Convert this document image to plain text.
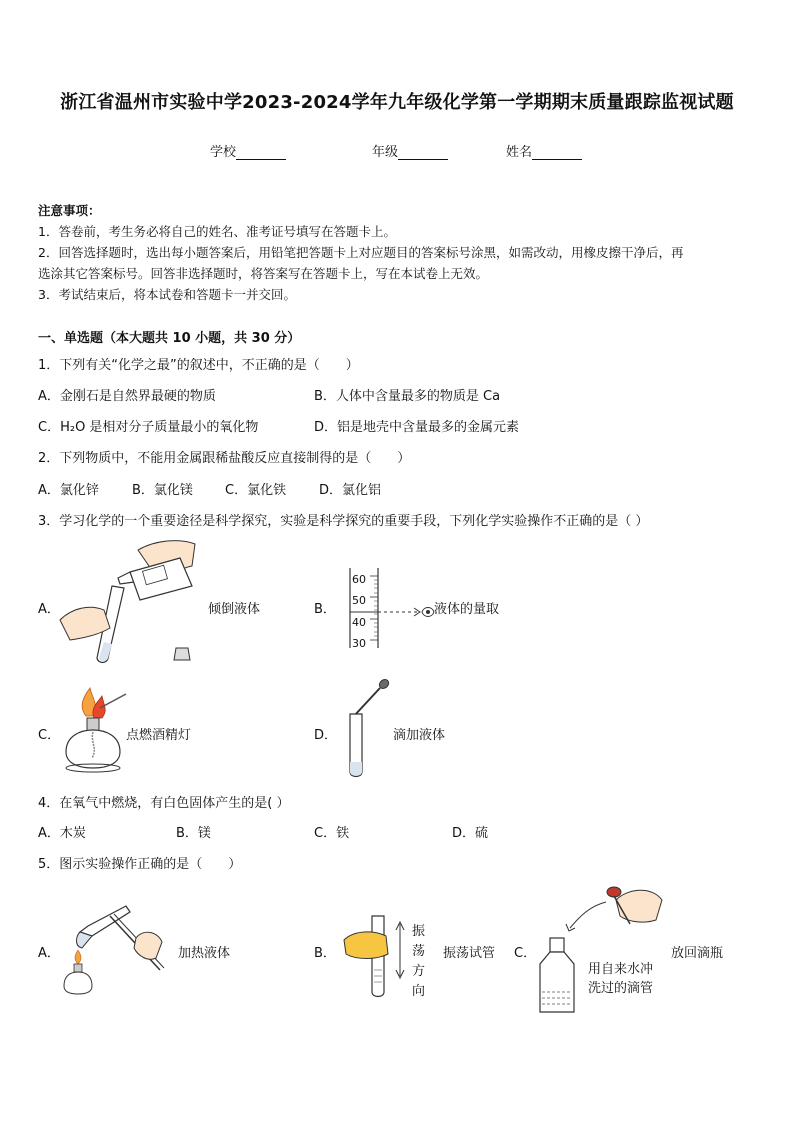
浙江省温州市实验中学2023-2024学年九年级化学第一学期期末质量跟踪监视试题
学校	年级	姓名
注意事项：
1．答卷前，考生务必将自己的姓名、准考证号填写在答题卡上。
2．回答选择题时，选出每小题答案后，用铅笔把答题卡上对应题目的答案标号涂黑，如需改动，用橡皮擦干净后，再
选涂其它答案标号。回答非选择题时，将答案写在答题卡上，写在本试卷上无效。
3．考试结束后，将本试卷和答题卡一并交回。
一、单选题（本大题共 10 小题，共 30 分）
1．下列有关“化学之最”的叙述中，不正确的是（　　）
A．金刚石是自然界最硬的物质	B．人体中含量最多的物质是 Ca
C．H₂O 是相对分子质量最小的氧化物	D．铝是地壳中含量最多的金属元素
2．下列物质中，不能用金属跟稀盐酸反应直接制得的是（　　）
A．氯化锌	B．氯化镁 C．氯化铁	D．氯化铝
3．学习化学的一个重要途径是科学探究，实验是科学探究的重要手段，下列化学实验操作不正确的是（ ）
A．	倾倒液体	B．
60
50
40
30
液体的量取
C．	点燃酒精灯	D．	滴加液体
4．在氧气中燃烧，有白色固体产生的是( ）
A．木炭	B．镁	C．铁	D．硫
5．图示实验操作正确的是（　　）
A．	加热液体	B．
振
荡
方
向
振荡试管 C．	放回滴瓶
用自来水冲
洗过的滴管
